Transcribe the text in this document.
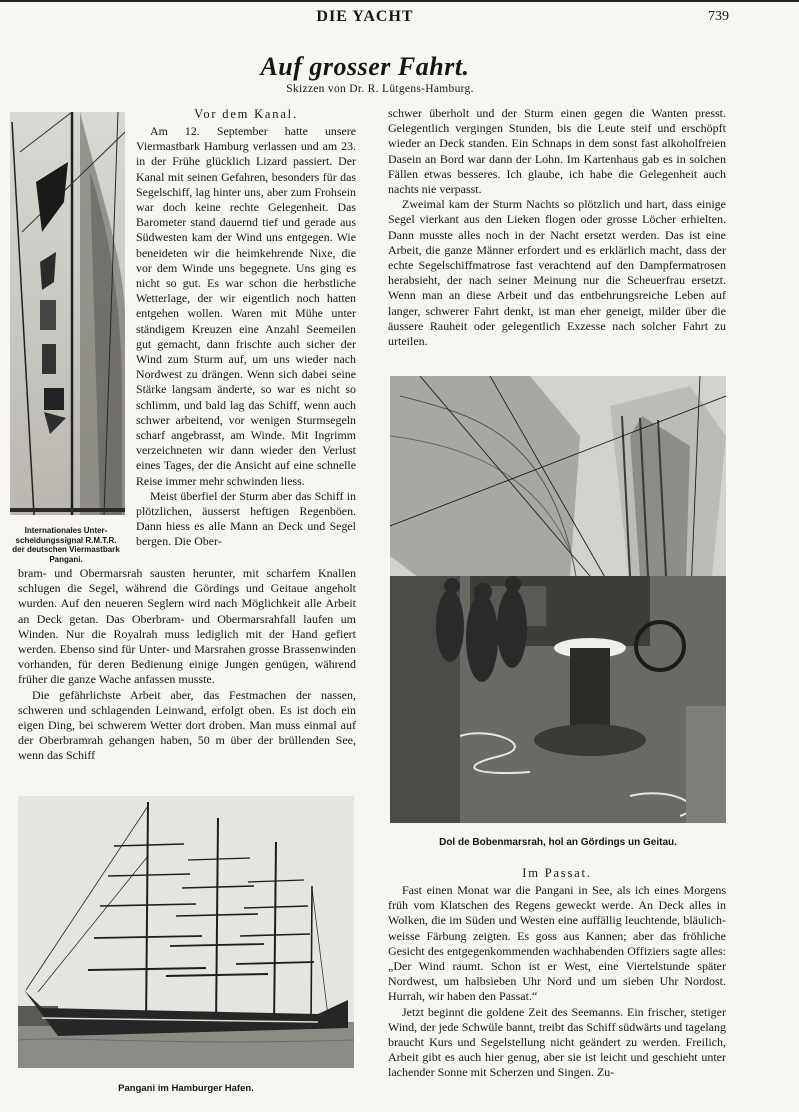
DIE YACHT	739
Auf grosser Fahrt.
Skizzen von Dr. R. Lütgens-Hamburg.
Internationales Unter-
scheidungssignal R.M.T.R.
der deutschen Viermastbark
Pangani.
Vor dem Kanal.

Am 12. September hatte unsere Viermastbark Hamburg verlassen und am 23. in der Frühe glücklich Lizard passiert. Der Kanal mit seinen Gefahren, besonders für das Segelschiff, lag hinter uns, aber zum Frohsein war doch keine rechte Gelegenheit. Das Barometer stand dauernd tief und gerade aus Südwesten kam der Wind uns entgegen. Wie beneideten wir die heimkehrende Nixe, die vor dem Winde uns begegnete. Uns ging es nicht so gut. Es war schon die herbstliche Wetterlage, der wir eigentlich noch hatten entgehen wollen. Waren mit Mühe unter ständigem Kreuzen eine Anzahl Seemeilen gut gemacht, dann frischte auch sicher der Wind zum Sturm auf, um uns wieder nach Nordwest zu drängen. Wenn sich dabei seine Stärke langsam änderte, so war es nicht so schlimm, und bald lag das Schiff, wenn auch schwer arbeitend, vor wenigen Sturmsegeln scharf angebrasst, am Winde. Mit Ingrimm verzeichneten wir dann wieder den Verlust eines Tages, der die Ansicht auf eine schnelle Reise immer mehr schwinden liess.

Meist überfiel der Sturm aber das Schiff in plötzlichen, äusserst heftigen Regenböen. Dann hiess es alle Mann an Deck und Segel bergen. Die Ober-

bram- und Obermarsrah sausten herunter, mit scharfem Knallen schlugen die Segel, während die Gördings und Geitaue angeholt wurden. Auf den neueren Seglern wird nach Möglichkeit alle Arbeit an Deck getan. Das Oberbram- und Obermarsrahfall laufen um Winden. Nur die Royalrah muss lediglich mit der Hand gefiert werden. Ebenso sind für Unter- und Marsrahen grosse Brassenwinden vorhanden, für deren Bedienung einige Jungen genügen, während früher die ganze Wache anfassen musste.

Die gefährlichste Arbeit aber, das Festmachen der nassen, schweren und schlagenden Leinwand, erfolgt oben. Es ist doch ein eigen Ding, bei schwerem Wetter dort droben. Man muss einmal auf der Oberbramrah gehangen haben, 50 m über der brüllenden See, wenn das Schiff

Pangani im Hamburger Hafen.

schwer überholt und der Sturm einen gegen die Wanten presst. Gelegentlich vergingen Stunden, bis die Leute steif und erschöpft wieder an Deck standen. Ein Schnaps in dem sonst fast alkoholfreien Dasein an Bord war dann der Lohn. Im Kartenhaus gab es in solchen Fällen etwas besseres. Ich glaube, ich habe die Gelegenheit auch nachts nie verpasst.

Zweimal kam der Sturm Nachts so plötzlich und hart, dass einige Segel vierkant aus den Lieken flogen oder grosse Löcher erhielten. Dann musste alles noch in der Nacht ersetzt werden. Das ist eine Arbeit, die ganze Männer erfordert und es erklärlich macht, dass der echte Segelschiffmatrose fast verachtend auf den Dampfermatrosen herabsieht, der nach seiner Meinung nur die Scheuerfrau ersetzt. Wenn man an diese Arbeit und das entbehrungsreiche Leben auf langer, schwerer Fahrt denkt, ist man eher geneigt, milder über die äussere Rauheit oder gelegentlich Exzesse nach solcher Fahrt zu urteilen.

Dol de Bobenmarsrah, hol an Gördings un Geitau.
Im Passat.

Fast einen Monat war die Pangani in See, als ich eines Morgens früh vom Klatschen des Regens geweckt werde. An Deck alles in Wolken, die im Süden und Westen eine auffällig leuchtende, bläulich-weisse Färbung zeigten. Es goss aus Kannen; aber das fröhliche Gesicht des entgegenkommenden wachhabenden Offiziers sagte alles: „Der Wind raumt. Schon ist er West, eine Viertelstunde später Nordwest, um halbsieben Uhr Nord und um sieben Uhr Nordost. Hurrah, wir haben den Passat.“

Jetzt beginnt die goldene Zeit des Seemanns. Ein frischer, stetiger Wind, der jede Schwüle bannt, treibt das Schiff südwärts und tagelang braucht Kurs und Segelstellung nicht geändert zu werden. Freilich, Arbeit gibt es auch hier genug, aber sie ist leicht und geschieht unter lachender Sonne mit Scherzen und Singen. Zu-
